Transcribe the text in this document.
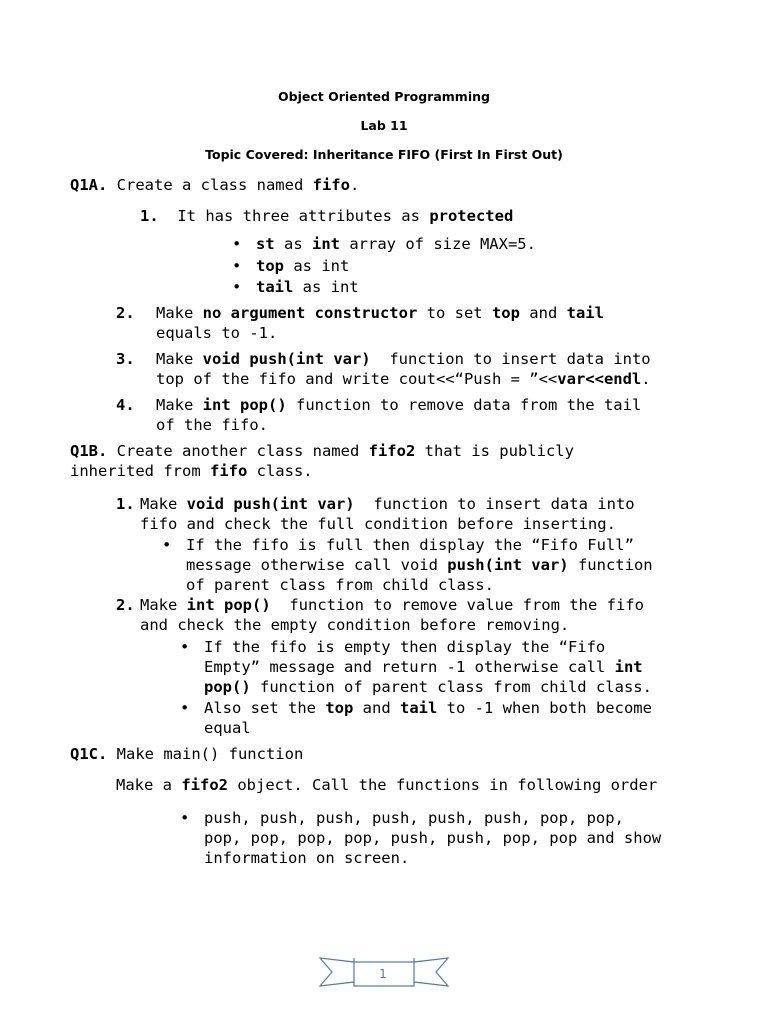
Object Oriented Programming
Lab 11
Topic Covered: Inheritance FIFO (First In First Out)
Q1A. Create a class named fifo.
1. It has three attributes as protected
• st as int array of size MAX=5.
• top as int
• tail as int
2. Make no argument constructor to set top and tail
equals to -1.
3. Make void push(int var)  function to insert data into
top of the fifo and write cout<<“Push = ”<<var<<endl.
4. Make int pop() function to remove data from the tail
of the fifo.
Q1B. Create another class named fifo2 that is publicly
inherited from fifo class.
1. Make void push(int var)  function to insert data into
fifo and check the full condition before inserting.
• If the fifo is full then display the “Fifo Full”
message otherwise call void push(int var) function
of parent class from child class.
2. Make int pop()  function to remove value from the fifo
and check the empty condition before removing.
• If the fifo is empty then display the “Fifo
Empty” message and return -1 otherwise call int
pop() function of parent class from child class.
• Also set the top and tail to -1 when both become
equal
Q1C. Make main() function
Make a fifo2 object. Call the functions in following order
• push, push, push, push, push, push, pop, pop,
pop, pop, pop, pop, push, push, pop, pop and show
information on screen.
1
